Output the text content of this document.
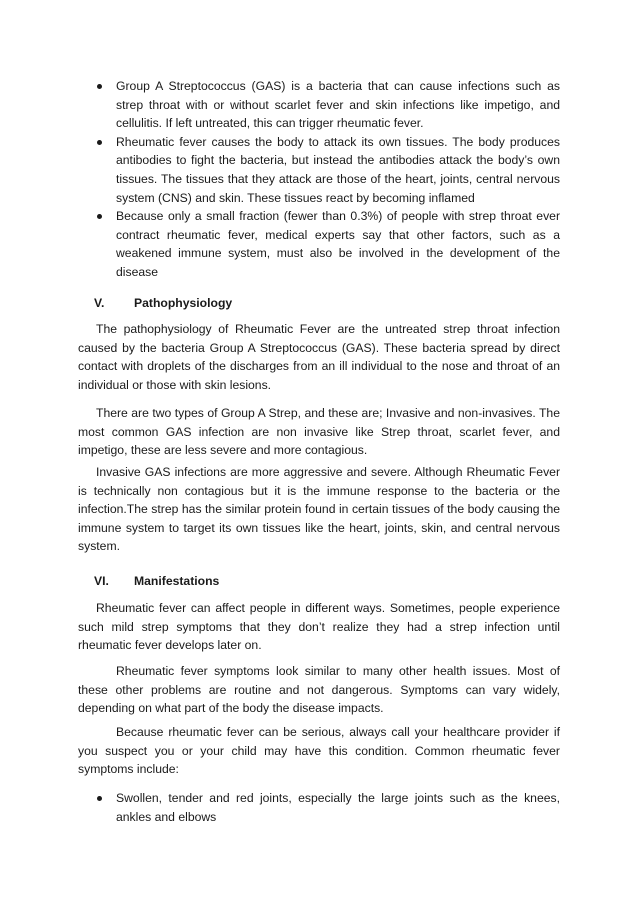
Group A Streptococcus (GAS) is a bacteria that can cause infections such as strep throat with or without scarlet fever and skin infections like impetigo, and cellulitis. If left untreated, this can trigger rheumatic fever.
Rheumatic fever causes the body to attack its own tissues. The body produces antibodies to fight the bacteria, but instead the antibodies attack the body’s own tissues. The tissues that they attack are those of the heart, joints, central nervous system (CNS) and skin. These tissues react by becoming inflamed
Because only a small fraction (fewer than 0.3%) of people with strep throat ever contract rheumatic fever, medical experts say that other factors, such as a weakened immune system, must also be involved in the development of the disease
V. Pathophysiology

The pathophysiology of Rheumatic Fever are the untreated strep throat infection caused by the bacteria Group A Streptococcus (GAS). These bacteria spread by direct contact with droplets of the discharges from an ill individual to the nose and throat of an individual or those with skin lesions.

There are two types of Group A Strep, and these are; Invasive and non-invasives. The most common GAS infection are non invasive like Strep throat, scarlet fever, and impetigo, these are less severe and more contagious.

Invasive GAS infections are more aggressive and severe. Although Rheumatic Fever is technically non contagious but it is the immune response to the bacteria or the infection.The strep has the similar protein found in certain tissues of the body causing the immune system to target its own tissues like the heart, joints, skin, and central nervous system.

VI. Manifestations

Rheumatic fever can affect people in different ways. Sometimes, people experience such mild strep symptoms that they don’t realize they had a strep infection until rheumatic fever develops later on.

Rheumatic fever symptoms look similar to many other health issues. Most of these other problems are routine and not dangerous. Symptoms can vary widely, depending on what part of the body the disease impacts.

Because rheumatic fever can be serious, always call your healthcare provider if you suspect you or your child may have this condition. Common rheumatic fever symptoms include:

Swollen, tender and red joints, especially the large joints such as the knees, ankles and elbows
